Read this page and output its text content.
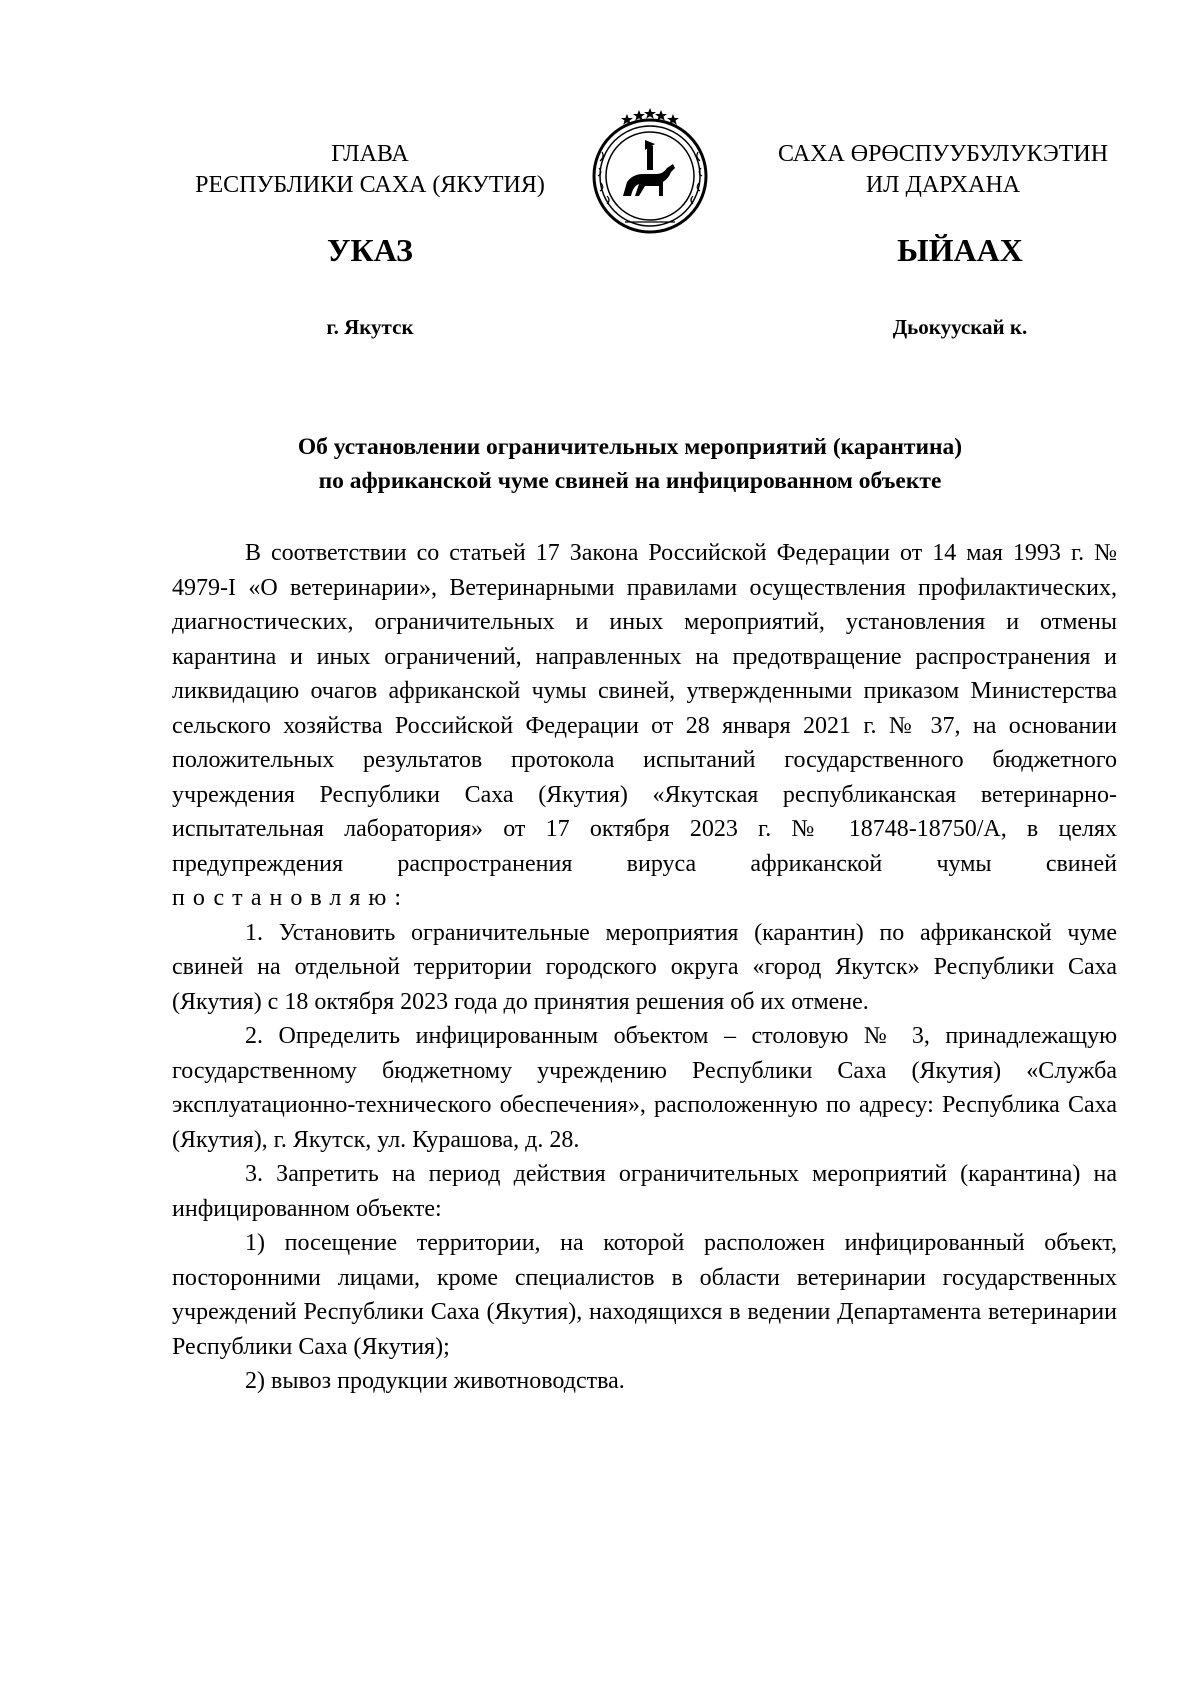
ГЛАВА
РЕСПУБЛИКИ САХА (ЯКУТИЯ)
САХА ӨРӨСПУУБУЛУКЭТИН
ИЛ ДАРХАНА
УКАЗ	ЫЙААХ
г. Якутск	Дьокуускай к.
Об установлении ограничительных мероприятий (карантина)
по африканской чуме свиней на инфицированном объекте

В соответствии со статьей 17 Закона Российской Федерации от 14 мая 1993 г. № 4979-I «О ветеринарии», Ветеринарными правилами осуществления профилактических, диагностических, ограничительных и иных мероприятий, установления и отмены карантина и иных ограничений, направленных на предотвращение распространения и ликвидацию очагов африканской чумы свиней, утвержденными приказом Министерства сельского хозяйства Российской Федерации от 28 января 2021 г. № 37, на основании положительных результатов протокола испытаний государственного бюджетного учреждения Республики Саха (Якутия) «Якутская республиканская ветеринарно-испытательная лаборатория» от 17 октября 2023 г. № 18748-18750/А, в целях предупреждения распространения вируса африканской чумы свиней постановляю:

1. Установить ограничительные мероприятия (карантин) по африканской чуме свиней на отдельной территории городского округа «город Якутск» Республики Саха (Якутия) с 18 октября 2023 года до принятия решения об их отмене.

2. Определить инфицированным объектом – столовую № 3, принадлежащую государственному бюджетному учреждению Республики Саха (Якутия) «Служба эксплуатационно-технического обеспечения», расположенную по адресу: Республика Саха (Якутия), г. Якутск, ул. Курашова, д. 28.

3. Запретить на период действия ограничительных мероприятий (карантина) на инфицированном объекте:

1) посещение территории, на которой расположен инфицированный объект, посторонними лицами, кроме специалистов в области ветеринарии государственных учреждений Республики Саха (Якутия), находящихся в ведении Департамента ветеринарии Республики Саха (Якутия);

2) вывоз продукции животноводства.
